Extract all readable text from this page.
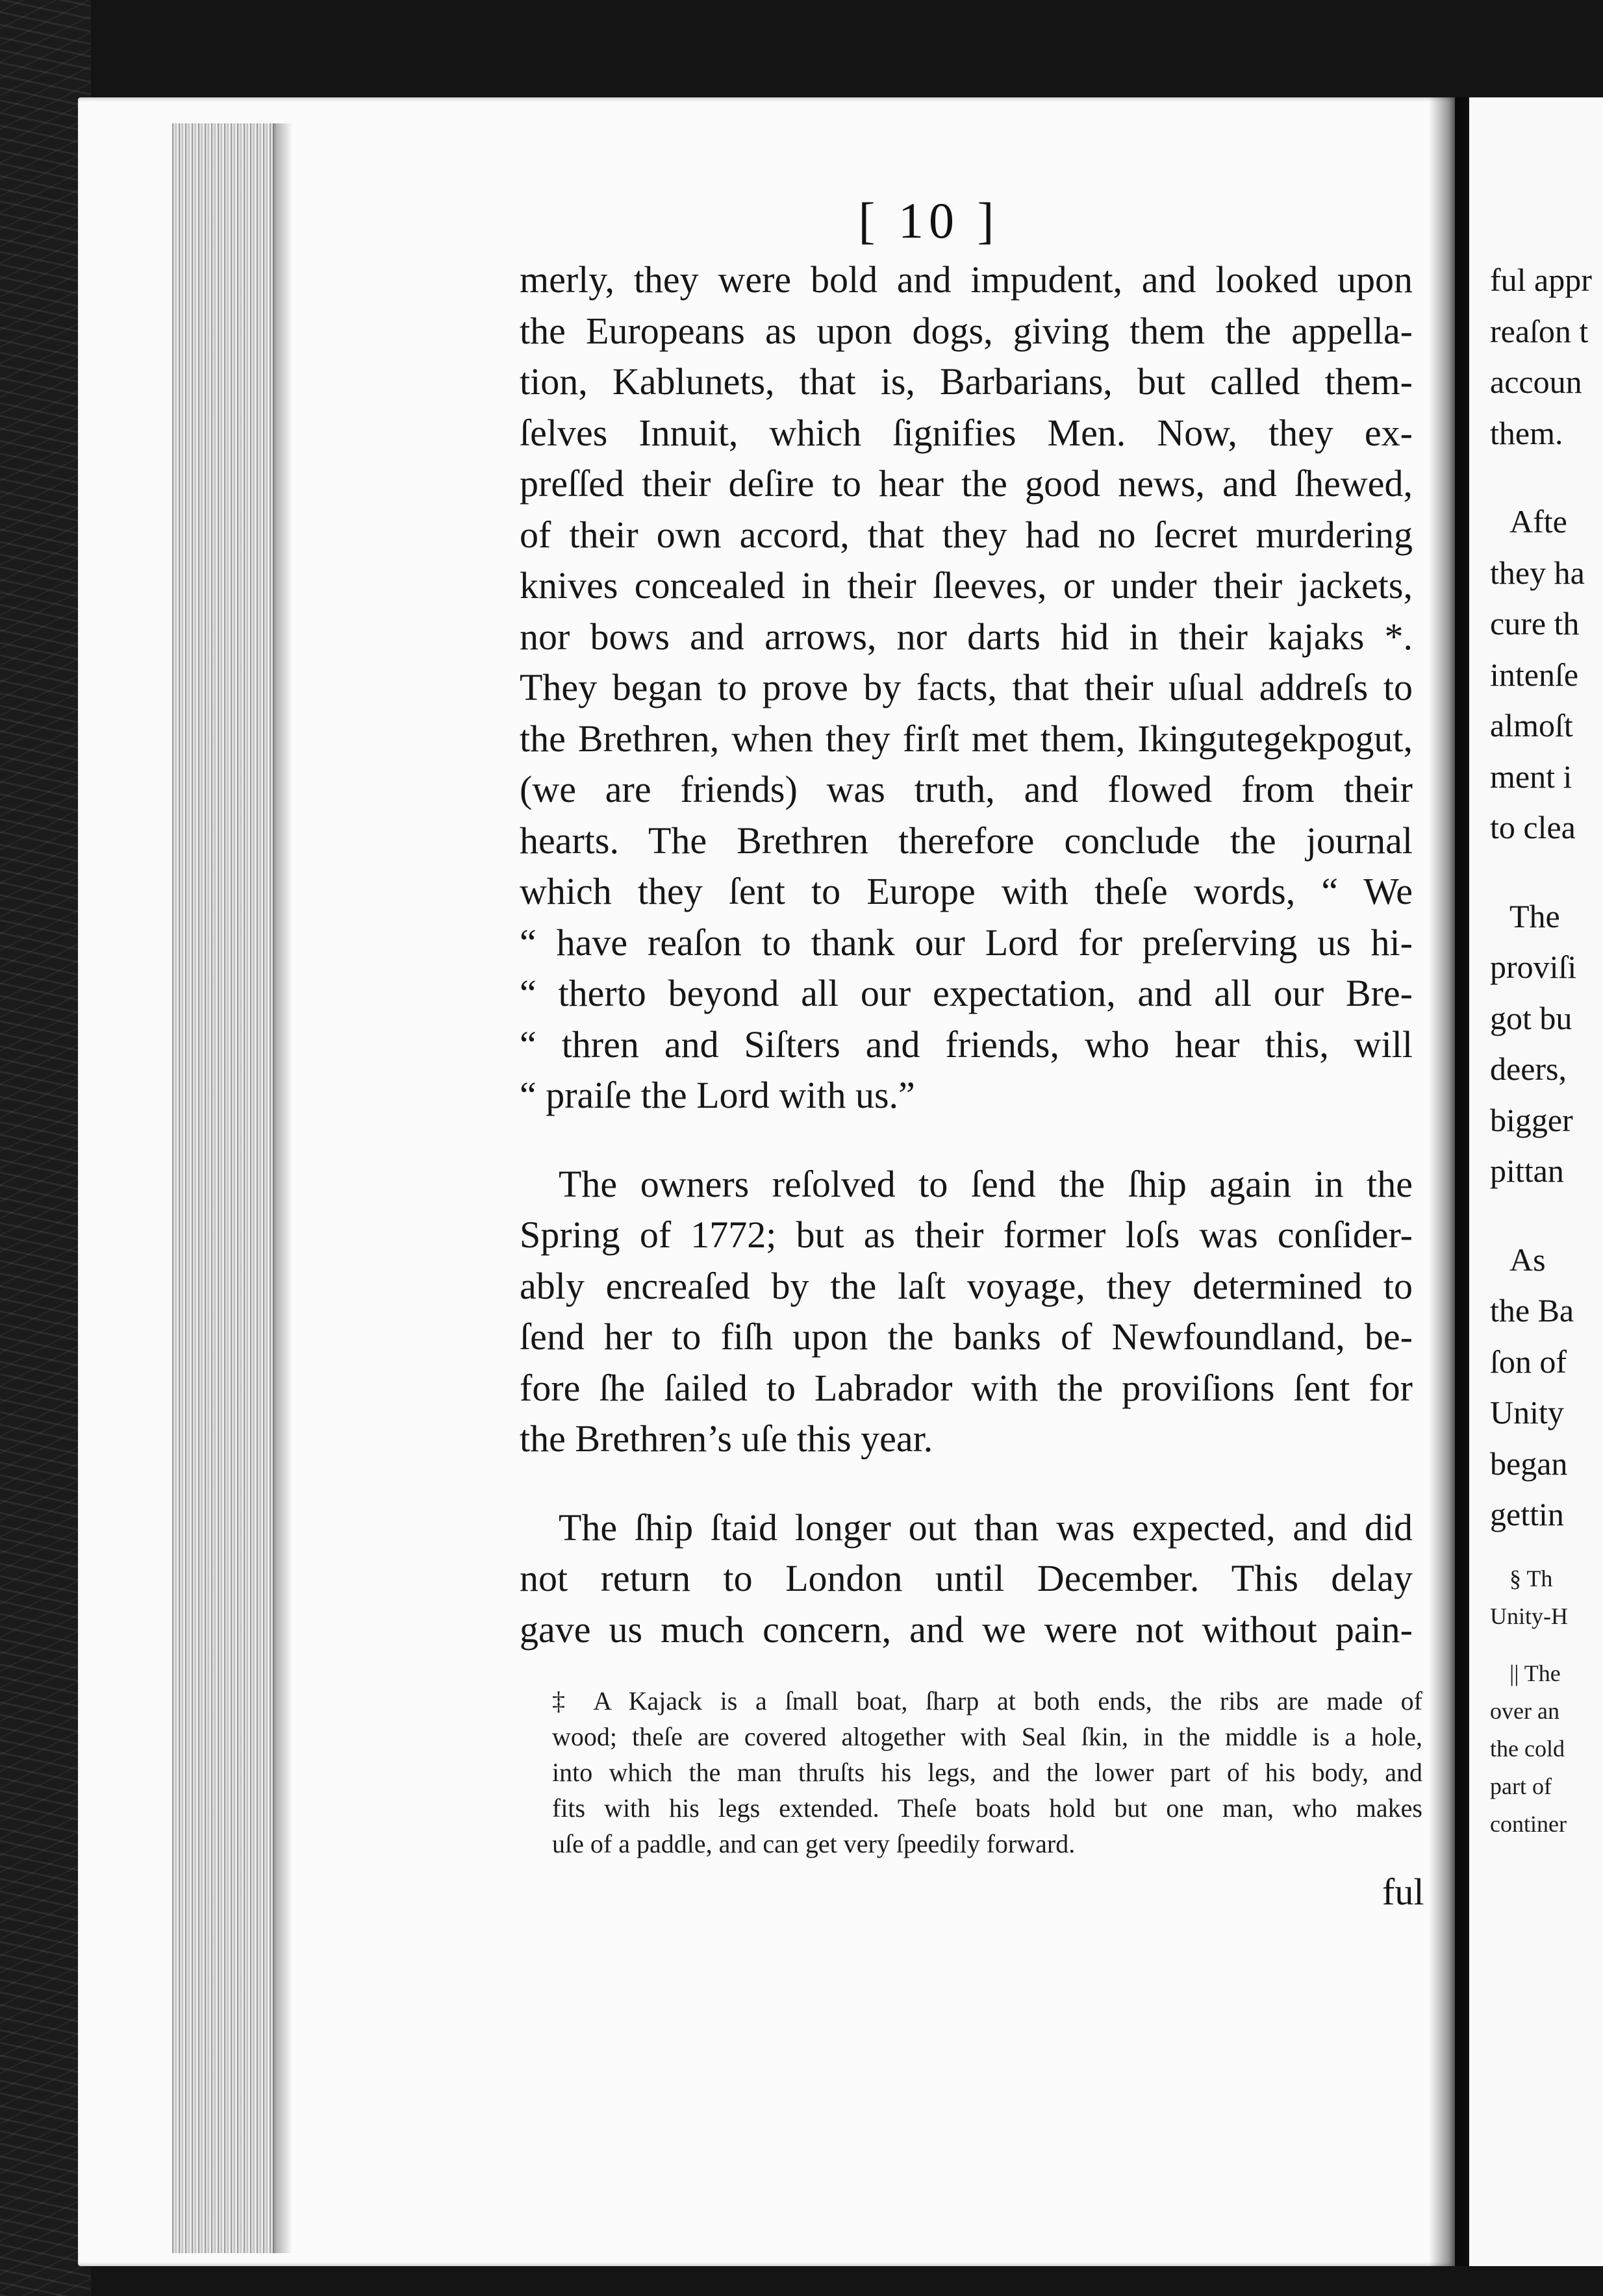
[ 10 ]
merly, they were bold and impudent, and looked upon
the Europeans as upon dogs, giving them the appella-
tion, Kablunets, that is, Barbarians, but called them-
ſelves Innuit, which ſignifies Men. Now, they ex-
preſſed their deſire to hear the good news, and ſhewed,
of their own accord, that they had no ſecret murdering
knives concealed in their ſleeves, or under their jackets,
nor bows and arrows, nor darts hid in their kajaks *.
They began to prove by facts, that their uſual addreſs to
the Brethren, when they firſt met them, Ikingutegekpogut,
(we are friends) was truth, and flowed from their
hearts. The Brethren therefore conclude the journal
which they ſent to Europe with theſe words, “ We
“ have reaſon to thank our Lord for preſerving us hi-
“ therto beyond all our expectation, and all our Bre-
“ thren and Siſters and friends, who hear this, will
“ praiſe the Lord with us.”
The owners reſolved to ſend the ſhip again in the
Spring of 1772; but as their former loſs was conſider-
ably encreaſed by the laſt voyage, they determined to
ſend her to fiſh upon the banks of Newfoundland, be-
fore ſhe ſailed to Labrador with the proviſions ſent for
the Brethren’s uſe this year.
The ſhip ſtaid longer out than was expected, and did
not return to London until December. This delay
gave us much concern, and we were not without pain-
‡ A Kajack is a ſmall boat, ſharp at both ends, the ribs are made of
wood; theſe are covered altogether with Seal ſkin, in the middle is a hole,
into which the man thruſts his legs, and the lower part of his body, and
fits with his legs extended. Theſe boats hold but one man, who makes
uſe of a paddle, and can get very ſpeedily forward.
ful
ful appr
reaſon t
accoun
them.
Afte
they ha
cure th
intenſe
almoſt
ment i
to clea
The
proviſi
got bu
deers,
bigger
pittan
As
the Ba
ſon of
Unity
began
gettin
§ Th
Unity-H
|| The
over an
the cold
part of
continer
